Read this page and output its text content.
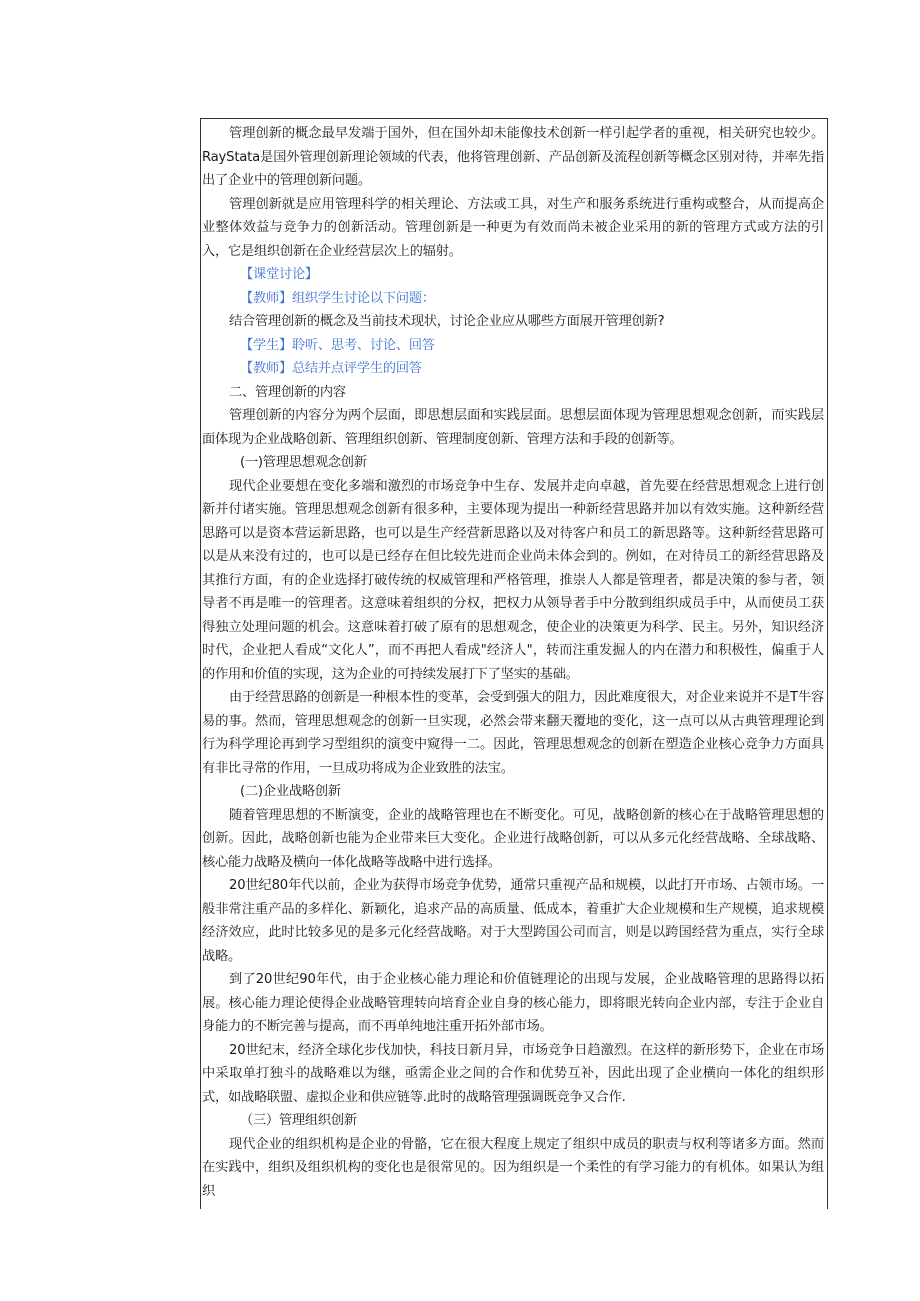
管理创新的概念最早发端于国外，但在国外却未能像技术创新一样引起学者的重视，相关研究也较少。RayStata是国外管理创新理论领域的代表，他将管理创新、产品创新及流程创新等概念区别对待，并率先指出了企业中的管理创新问题。

管理创新就是应用管理科学的相关理论、方法或工具，对生产和服务系统进行重构或整合，从而提高企业整体效益与竞争力的创新活动。管理创新是一种更为有效而尚未被企业采用的新的管理方式或方法的引入，它是组织创新在企业经营层次上的辐射。

【课堂讨论】

【教师】组织学生讨论以下问题：

结合管理创新的概念及当前技术现状，讨论企业应从哪些方面展开管理创新?

【学生】聆听、思考、讨论、回答

【教师】总结并点评学生的回答

二、管理创新的内容

管理创新的内容分为两个层面，即思想层面和实践层面。思想层面体现为管理思想观念创新，而实践层面体现为企业战略创新、管理组织创新、管理制度创新、管理方法和手段的创新等。

(一)管理思想观念创新

现代企业要想在变化多端和激烈的市场竞争中生存、发展并走向卓越，首先要在经营思想观念上进行创新并付诸实施。管理思想观念创新有很多种，主要体现为提出一种新经营思路并加以有效实施。这种新经营思路可以是资本营运新思路，也可以是生产经营新思路以及对待客户和员工的新思路等。这种新经营思路可以是从来没有过的，也可以是已经存在但比较先进而企业尚未体会到的。例如，在对待员工的新经营思路及其推行方面，有的企业选择打破传统的权威管理和严格管理，推崇人人都是管理者，都是决策的参与者，领导者不再是唯一的管理者。这意味着组织的分权，把权力从领导者手中分散到组织成员手中，从而使员工获得独立处理问题的机会。这意味着打破了原有的思想观念，使企业的决策更为科学、民主。另外，知识经济时代，企业把人看成“文化人”，而不再把人看成"经济人"，转而注重发掘人的内在潜力和积极性，偏重于人的作用和价值的实现，这为企业的可持续发展打下了坚实的基础。

由于经营思路的创新是一种根本性的变革，会受到强大的阻力，因此难度很大，对企业来说并不是T牛容易的事。然而，管理思想观念的创新一旦实现，必然会带来翻天覆地的变化，这一点可以从古典管理理论到行为科学理论再到学习型组织的演变中窥得一二。因此，管理思想观念的创新在塑造企业核心竞争力方面具有非比寻常的作用，一旦成功将成为企业致胜的法宝。

(二)企业战略创新

随着管理思想的不断演变，企业的战略管理也在不断变化。可见，战略创新的核心在于战略管理思想的创新。因此，战略创新也能为企业带来巨大变化。企业进行战略创新，可以从多元化经营战略、全球战略、核心能力战略及横向一体化战略等战略中进行选择。

20世纪80年代以前，企业为获得市场竞争优势，通常只重视产品和规模，以此打开市场、占领市场。一般非常注重产品的多样化、新颖化，追求产品的高质量、低成本，着重扩大企业规模和生产规模，追求规模经济效应，此时比较多见的是多元化经营战略。对于大型跨国公司而言，则是以跨国经营为重点，实行全球战略。

到了20世纪90年代，由于企业核心能力理论和价值链理论的出现与发展，企业战略管理的思路得以拓展。核心能力理论使得企业战略管理转向培育企业自身的核心能力，即将眼光转向企业内部，专注于企业自身能力的不断完善与提高，而不再单纯地注重开拓外部市场。

20世纪末，经济全球化步伐加快，科技日新月异，市场竞争日趋激烈。在这样的新形势下，企业在市场中采取单打独斗的战略难以为继，亟需企业之间的合作和优势互补，因此出现了企业横向一体化的组织形式，如战略联盟、虚拟企业和供应链等.此时的战略管理强调既竞争又合作.

（三）管理组织创新

现代企业的组织机构是企业的骨骼，它在很大程度上规定了组织中成员的职责与权利等诸多方面。然而在实践中，组织及组织机构的变化也是很常见的。因为组织是一个柔性的有学习能力的有机体。如果认为组织
